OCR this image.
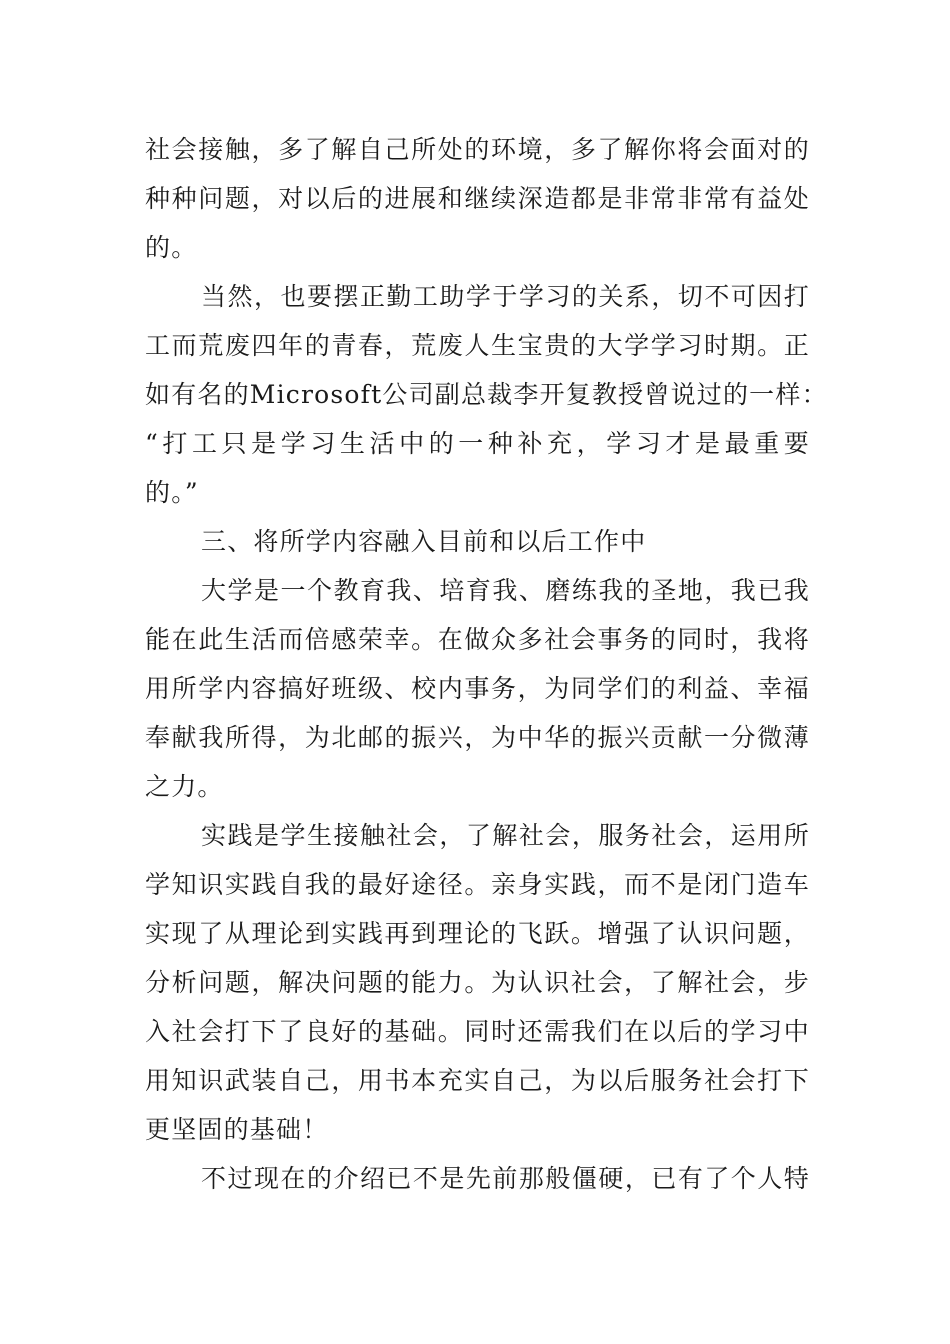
社会接触，多了解自己所处的环境，多了解你将会面对的
种种问题，对以后的进展和继续深造都是非常非常有益处
的。
当然，也要摆正勤工助学于学习的关系，切不可因打
工而荒废四年的青春，荒废人生宝贵的大学学习时期。正
如有名的Microsoft公司副总裁李开复教授曾说过的一样：
“打工只是学习生活中的一种补充，学习才是最重要
的。”
三、将所学内容融入目前和以后工作中
大学是一个教育我、培育我、磨练我的圣地，我已我
能在此生活而倍感荣幸。在做众多社会事务的同时，我将
用所学内容搞好班级、校内事务，为同学们的利益、幸福
奉献我所得，为北邮的振兴，为中华的振兴贡献一分微薄
之力。
实践是学生接触社会，了解社会，服务社会，运用所
学知识实践自我的最好途径。亲身实践，而不是闭门造车
实现了从理论到实践再到理论的飞跃。增强了认识问题，
分析问题，解决问题的能力。为认识社会，了解社会，步
入社会打下了良好的基础。同时还需我们在以后的学习中
用知识武装自己，用书本充实自己，为以后服务社会打下
更坚固的基础！
不过现在的介绍已不是先前那般僵硬，已有了个人特
